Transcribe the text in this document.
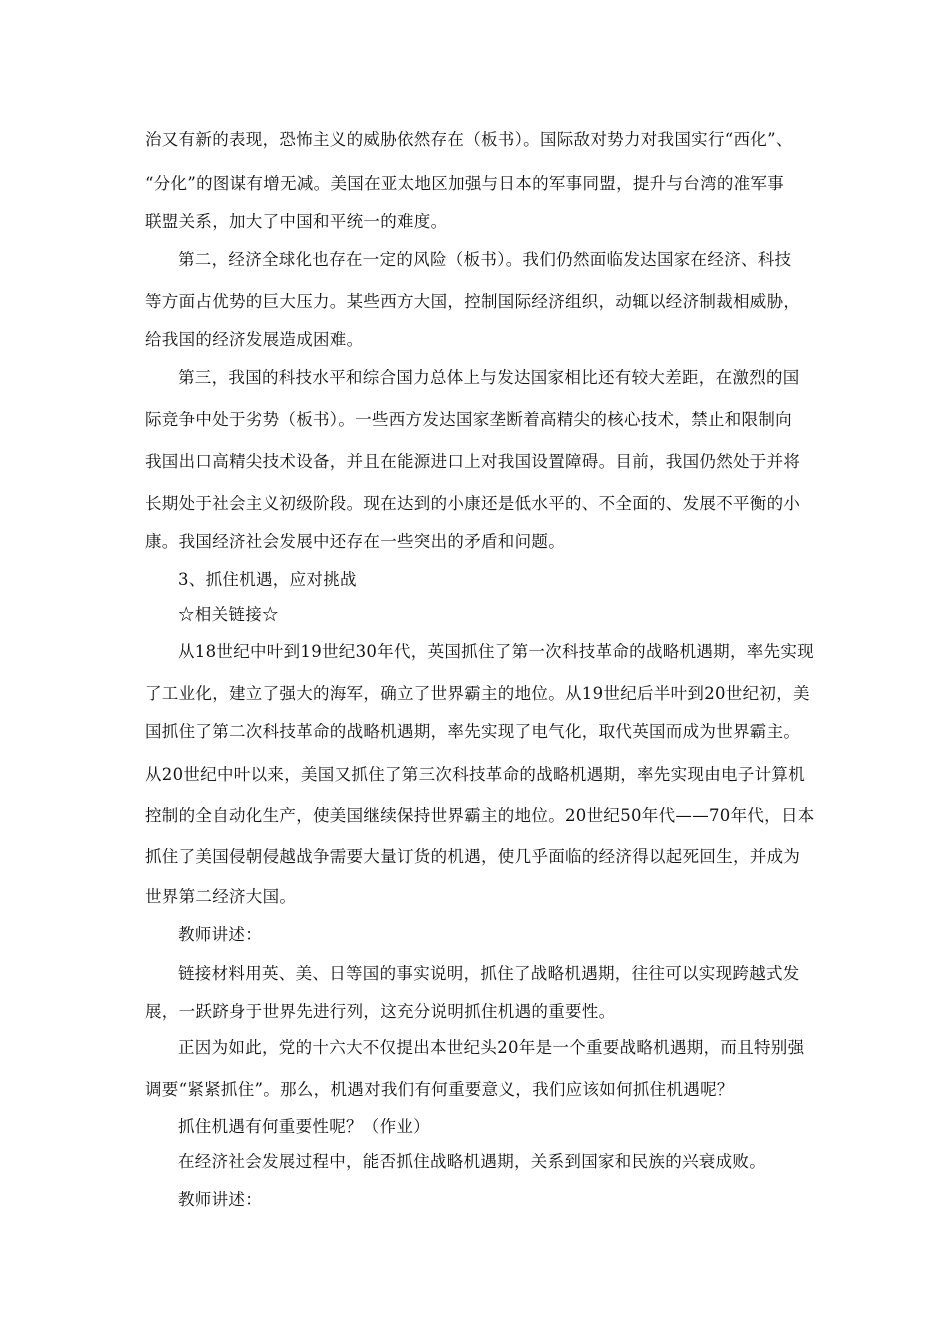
治又有新的表现，恐怖主义的威胁依然存在（板书）。国际敌对势力对我国实行“西化”、
“分化”的图谋有增无减。美国在亚太地区加强与日本的军事同盟，提升与台湾的准军事
联盟关系，加大了中国和平统一的难度。
第二，经济全球化也存在一定的风险（板书）。我们仍然面临发达国家在经济、科技
等方面占优势的巨大压力。某些西方大国，控制国际经济组织，动辄以经济制裁相威胁，
给我国的经济发展造成困难。
第三，我国的科技水平和综合国力总体上与发达国家相比还有较大差距，在激烈的国
际竞争中处于劣势（板书）。一些西方发达国家垄断着高精尖的核心技术，禁止和限制向
我国出口高精尖技术设备，并且在能源进口上对我国设置障碍。目前，我国仍然处于并将
长期处于社会主义初级阶段。现在达到的小康还是低水平的、不全面的、发展不平衡的小
康。我国经济社会发展中还存在一些突出的矛盾和问题。
3、抓住机遇，应对挑战
☆相关链接☆
从18世纪中叶到19世纪30年代，英国抓住了第一次科技革命的战略机遇期，率先实现
了工业化，建立了强大的海军，确立了世界霸主的地位。从19世纪后半叶到20世纪初，美
国抓住了第二次科技革命的战略机遇期，率先实现了电气化，取代英国而成为世界霸主。
从20世纪中叶以来，美国又抓住了第三次科技革命的战略机遇期，率先实现由电子计算机
控制的全自动化生产，使美国继续保持世界霸主的地位。20世纪50年代——70年代，日本
抓住了美国侵朝侵越战争需要大量订货的机遇，使几乎面临的经济得以起死回生，并成为
世界第二经济大国。
教师讲述：
链接材料用英、美、日等国的事实说明，抓住了战略机遇期，往往可以实现跨越式发
展，一跃跻身于世界先进行列，这充分说明抓住机遇的重要性。
正因为如此，党的十六大不仅提出本世纪头20年是一个重要战略机遇期，而且特别强
调要“紧紧抓住”。那么，机遇对我们有何重要意义，我们应该如何抓住机遇呢？
抓住机遇有何重要性呢？（作业）
在经济社会发展过程中，能否抓住战略机遇期，关系到国家和民族的兴衰成败。
教师讲述：
